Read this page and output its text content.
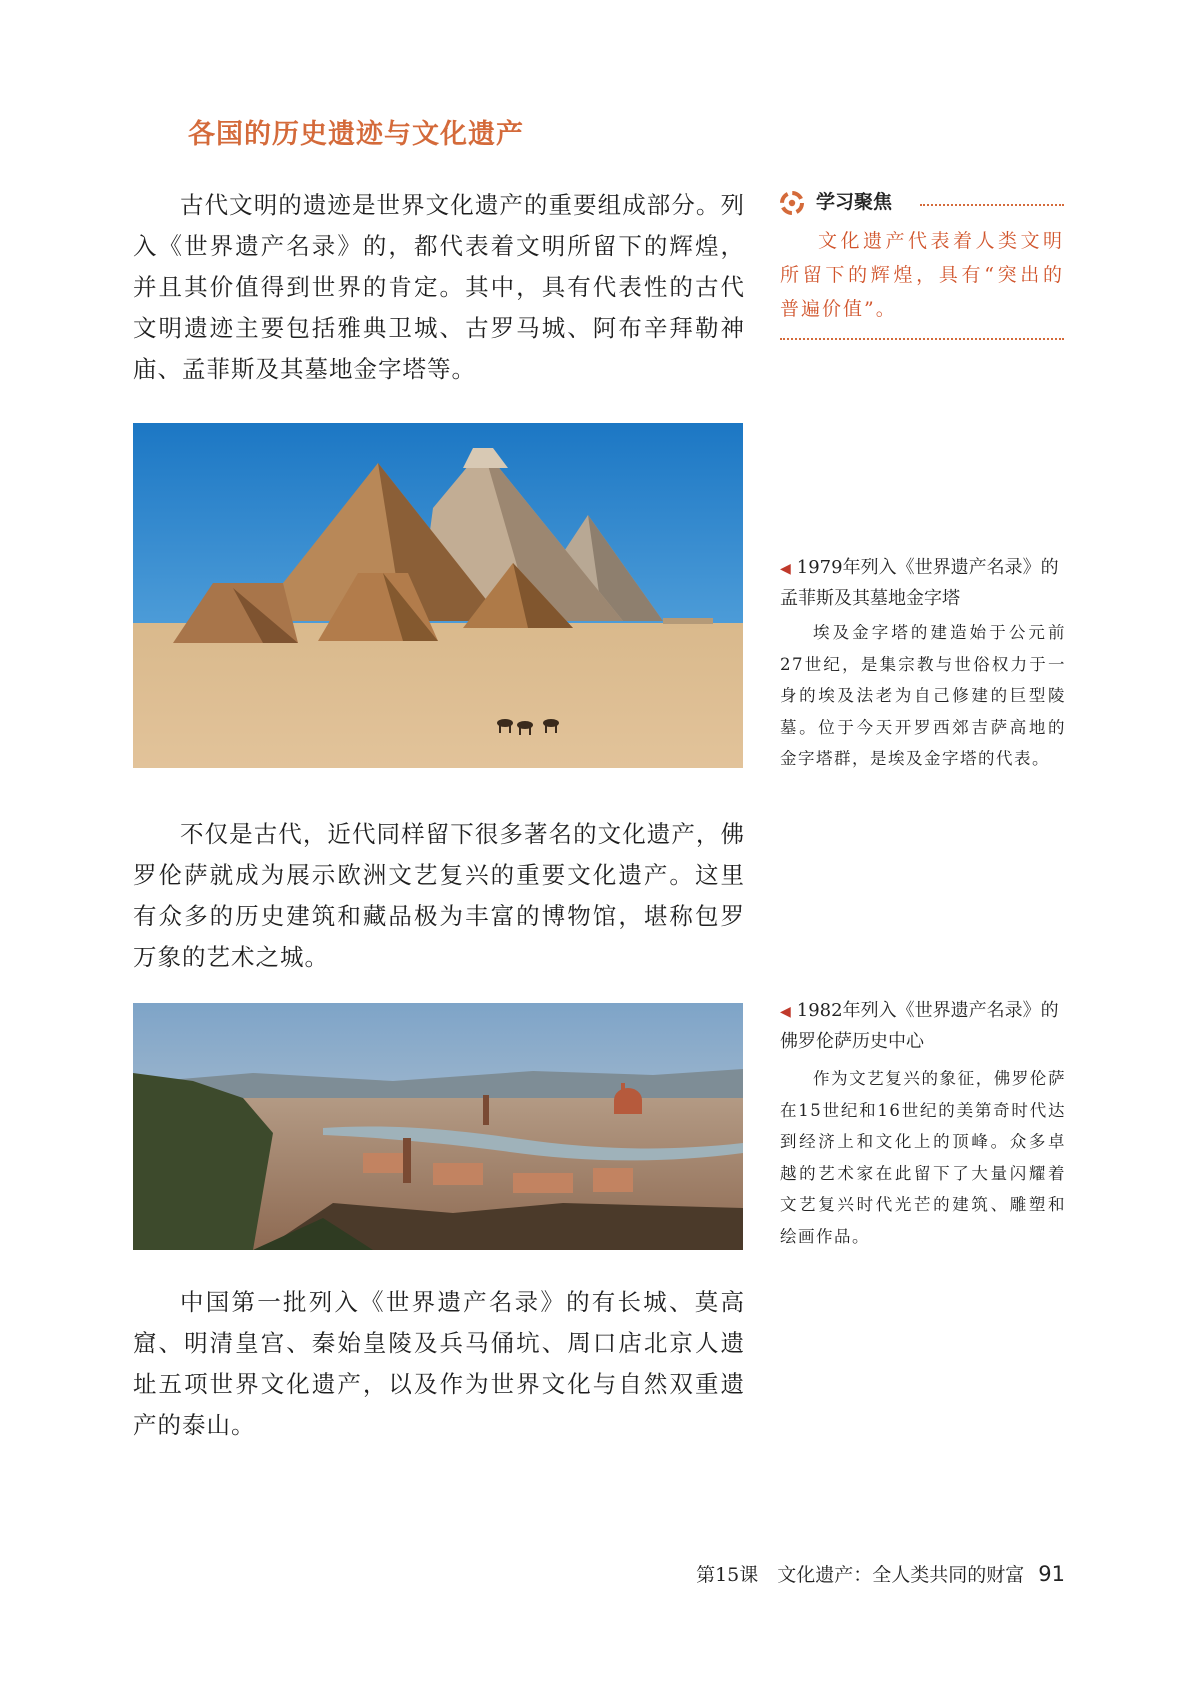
各国的历史遗迹与文化遗产
古代文明的遗迹是世界文化遗产的重要组成部分。列入《世界遗产名录》的，都代表着文明所留下的辉煌，并且其价值得到世界的肯定。其中，具有代表性的古代文明遗迹主要包括雅典卫城、古罗马城、阿布辛拜勒神庙、孟菲斯及其墓地金字塔等。
学习聚焦
文化遗产代表着人类文明所留下的辉煌，具有“突出的普遍价值”。
◀ 1979年列入《世界遗产名录》的孟菲斯及其墓地金字塔
埃及金字塔的建造始于公元前27世纪，是集宗教与世俗权力于一身的埃及法老为自己修建的巨型陵墓。位于今天开罗西郊吉萨高地的金字塔群，是埃及金字塔的代表。
不仅是古代，近代同样留下很多著名的文化遗产，佛罗伦萨就成为展示欧洲文艺复兴的重要文化遗产。这里有众多的历史建筑和藏品极为丰富的博物馆，堪称包罗万象的艺术之城。
◀ 1982年列入《世界遗产名录》的佛罗伦萨历史中心
作为文艺复兴的象征，佛罗伦萨在15世纪和16世纪的美第奇时代达到经济上和文化上的顶峰。众多卓越的艺术家在此留下了大量闪耀着文艺复兴时代光芒的建筑、雕塑和绘画作品。
中国第一批列入《世界遗产名录》的有长城、莫高窟、明清皇宫、秦始皇陵及兵马俑坑、周口店北京人遗址五项世界文化遗产，以及作为世界文化与自然双重遗产的泰山。
第15课　文化遗产：全人类共同的财富 91
